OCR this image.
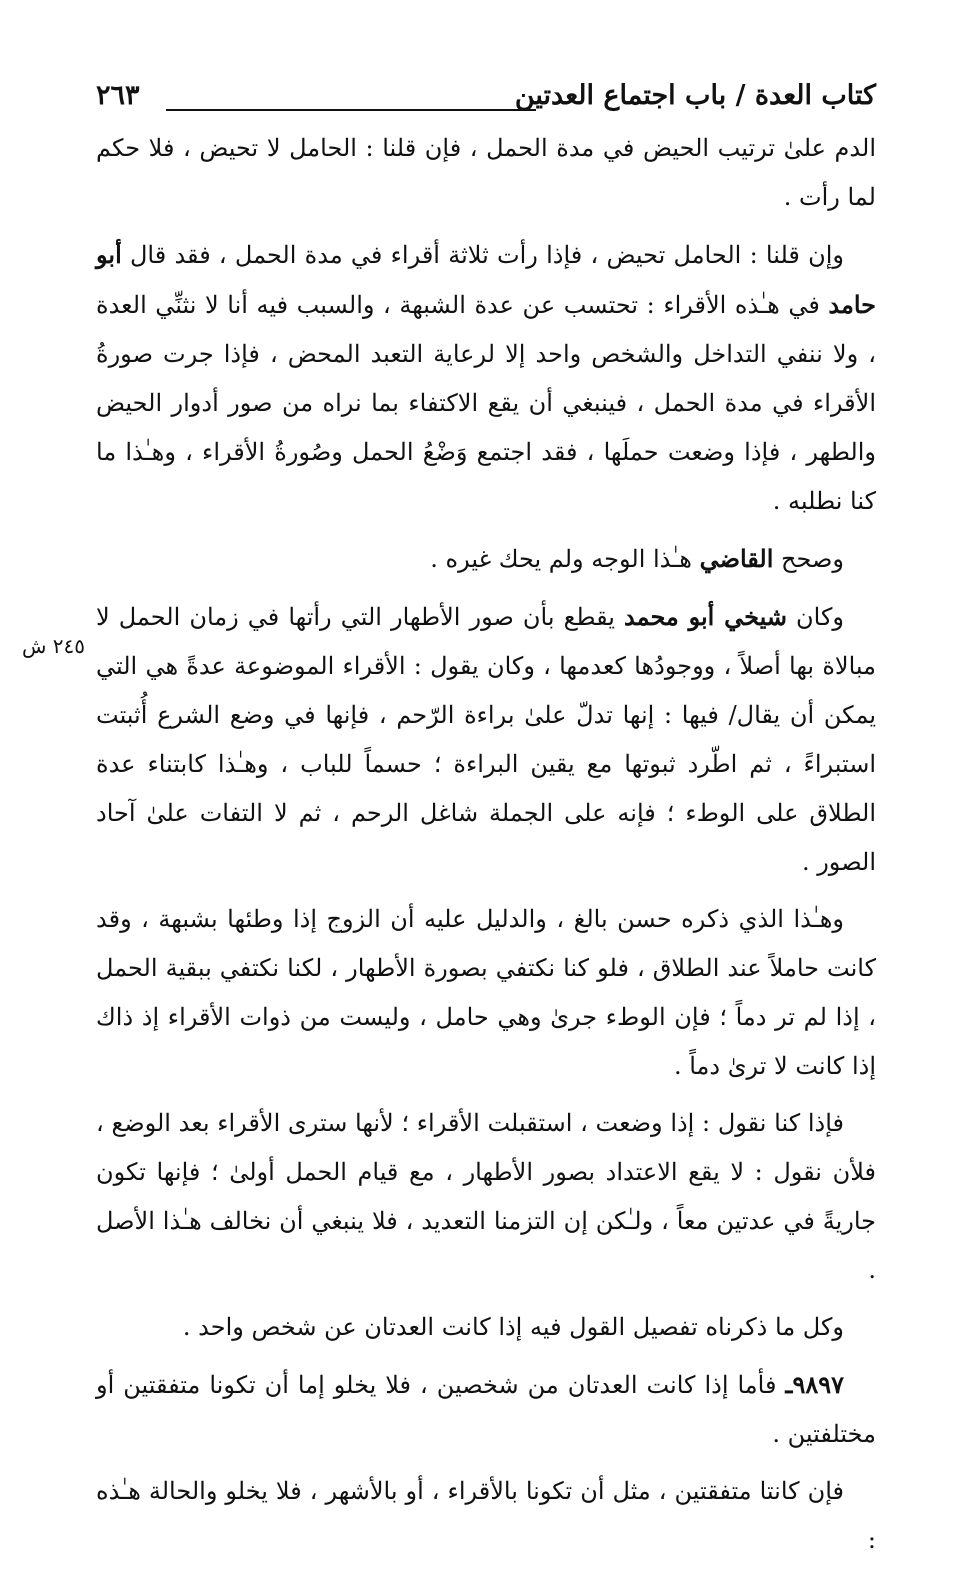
كتاب العدة / باب اجتماع العدتين
٢٦٣
٢٤٥ ش

الدم علىٰ ترتيب الحيض في مدة الحمل ، فإن قلنا : الحامل لا تحيض ، فلا حكم لما رأت .

وإن قلنا : الحامل تحيض ، فإذا رأت ثلاثة أقراء في مدة الحمل ، فقد قال أبو حامد في هـٰذه الأقراء : تحتسب عن عدة الشبهة ، والسبب فيه أنا لا نثنِّي العدة ، ولا ننفي التداخل والشخص واحد إلا لرعاية التعبد المحض ، فإذا جرت صورةُ الأقراء في مدة الحمل ، فينبغي أن يقع الاكتفاء بما نراه من صور أدوار الحيض والطهر ، فإذا وضعت حملَها ، فقد اجتمع وَضْعُ الحمل وصُورةُ الأقراء ، وهـٰذا ما كنا نطلبه .

وصحح القاضي هـٰذا الوجه ولم يحك غيره .

وكان شيخي أبو محمد يقطع بأن صور الأطهار التي رأتها في زمان الحمل لا مبالاة بها أصلاً ، ووجودُها كعدمها ، وكان يقول : الأقراء الموضوعة عدةً هي التي يمكن أن يقال/ فيها : إنها تدلّ علىٰ براءة الرّحم ، فإنها في وضع الشرع أُثبتت استبراءً ، ثم اطّرد ثبوتها مع يقين البراءة ؛ حسماً للباب ، وهـٰذا كابتناء عدة الطلاق على الوطء ؛ فإنه على الجملة شاغل الرحم ، ثم لا التفات علىٰ آحاد الصور .

وهـٰذا الذي ذكره حسن بالغ ، والدليل عليه أن الزوج إذا وطئها بشبهة ، وقد كانت حاملاً عند الطلاق ، فلو كنا نكتفي بصورة الأطهار ، لكنا نكتفي ببقية الحمل ، إذا لم تر دماً ؛ فإن الوطء جرىٰ وهي حامل ، وليست من ذوات الأقراء إذ ذاك إذا كانت لا ترىٰ دماً .

فإذا كنا نقول : إذا وضعت ، استقبلت الأقراء ؛ لأنها سترى الأقراء بعد الوضع ، فلأن نقول : لا يقع الاعتداد بصور الأطهار ، مع قيام الحمل أولىٰ ؛ فإنها تكون جاريةً في عدتين معاً ، ولـٰكن إن التزمنا التعديد ، فلا ينبغي أن نخالف هـٰذا الأصل .

وكل ما ذكرناه تفصيل القول فيه إذا كانت العدتان عن شخص واحد .

٩٨٩٧ـ فأما إذا كانت العدتان من شخصين ، فلا يخلو إما أن تكونا متفقتين أو مختلفتين .

فإن كانتا متفقتين ، مثل أن تكونا بالأقراء ، أو بالأشهر ، فلا يخلو والحالة هـٰذه :
